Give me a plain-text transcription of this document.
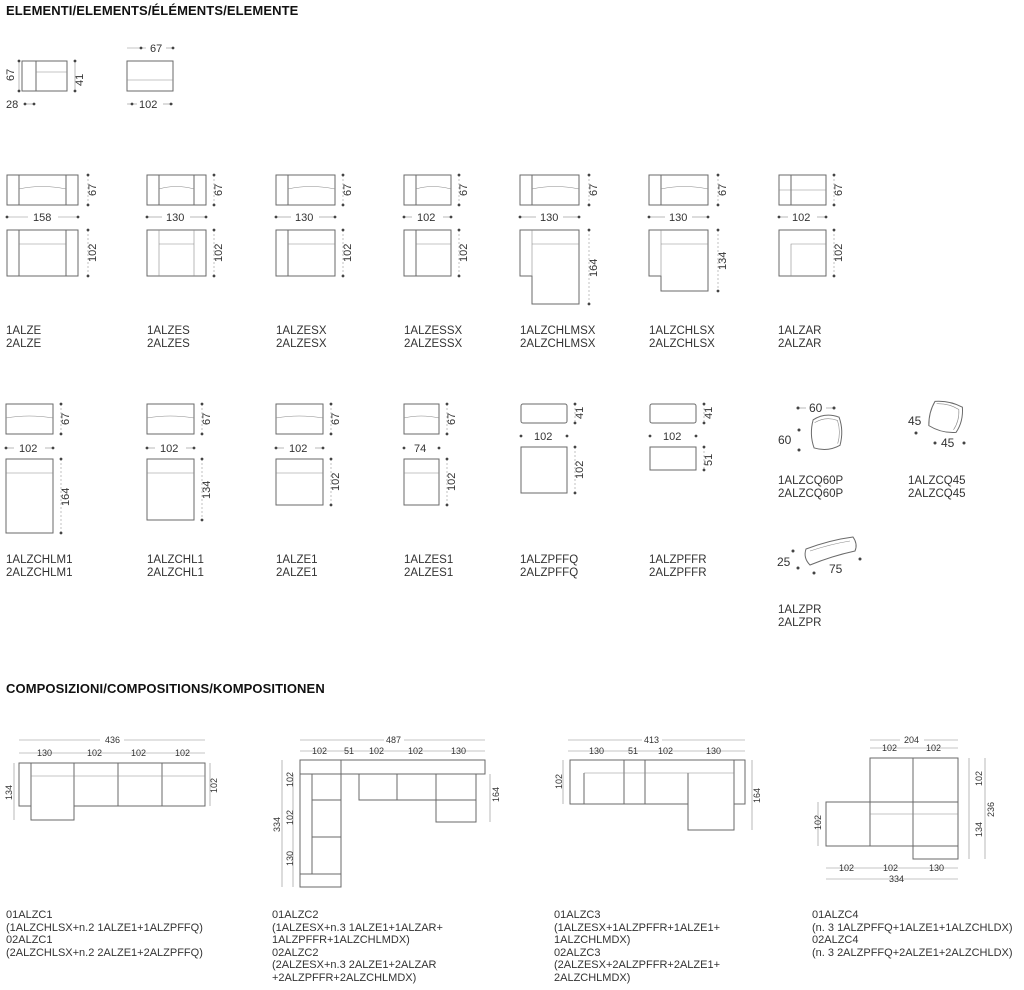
ELEMENTI/ELEMENTS/ÉLÉMENTS/ELEMENTE
COMPOSIZIONI/COMPOSITIONS/KOMPOSITIONEN
1ALZE
2ALZE
1ALZES
2ALZES
1ALZESX
2ALZESX
1ALZESSX
2ALZESSX
1ALZCHLMSX
2ALZCHLMSX
1ALZCHLSX
2ALZCHLSX
1ALZAR
2ALZAR
1ALZCHLM1
2ALZCHLM1
1ALZCHL1
2ALZCHL1
1ALZE1
2ALZE1
1ALZES1
2ALZES1
1ALZPFFQ
2ALZPFFQ
1ALZPFFR
2ALZPFFR
1ALZCQ60P
2ALZCQ60P
1ALZCQ45
2ALZCQ45
1ALZPR
2ALZPR
01ALZC1
(1ALZCHLSX+n.2 1ALZE1+1ALZPFFQ)
02ALZC1
(2ALZCHLSX+n.2 2ALZE1+2ALZPFFQ)
01ALZC2
(1ALZESX+n.3 1ALZE1+1ALZAR+
1ALZPFFR+1ALZCHLMDX)
02ALZC2
(2ALZESX+n.3 2ALZE1+2ALZAR
+2ALZPFFR+2ALZCHLMDX)
01ALZC3
(1ALZESX+1ALZPFFR+1ALZE1+
1ALZCHLMDX)
02ALZC3
(2ALZESX+2ALZPFFR+2ALZE1+
2ALZCHLMDX)
01ALZC4
(n. 3 1ALZPFFQ+1ALZE1+1ALZCHLDX)
02ALZC4
(n. 3 2ALZPFFQ+2ALZE1+2ALZCHLDX)
67	41
28
67
102
158	130	130	102	130	130	102
67
102
67
102
67
102
67
102
67
164
67
134
67
102
102	102	102	74
102	102
67
164
67
134
67
102
67
102
41
102
41
51
60
60
45
45
25	75
436
130	102	102	102
134	102
487
102 51 102	102	130
334
102
102
130
164
413
130	51 102	130
102
164
204
102	102
102	102	130
334
102
134
236
102
